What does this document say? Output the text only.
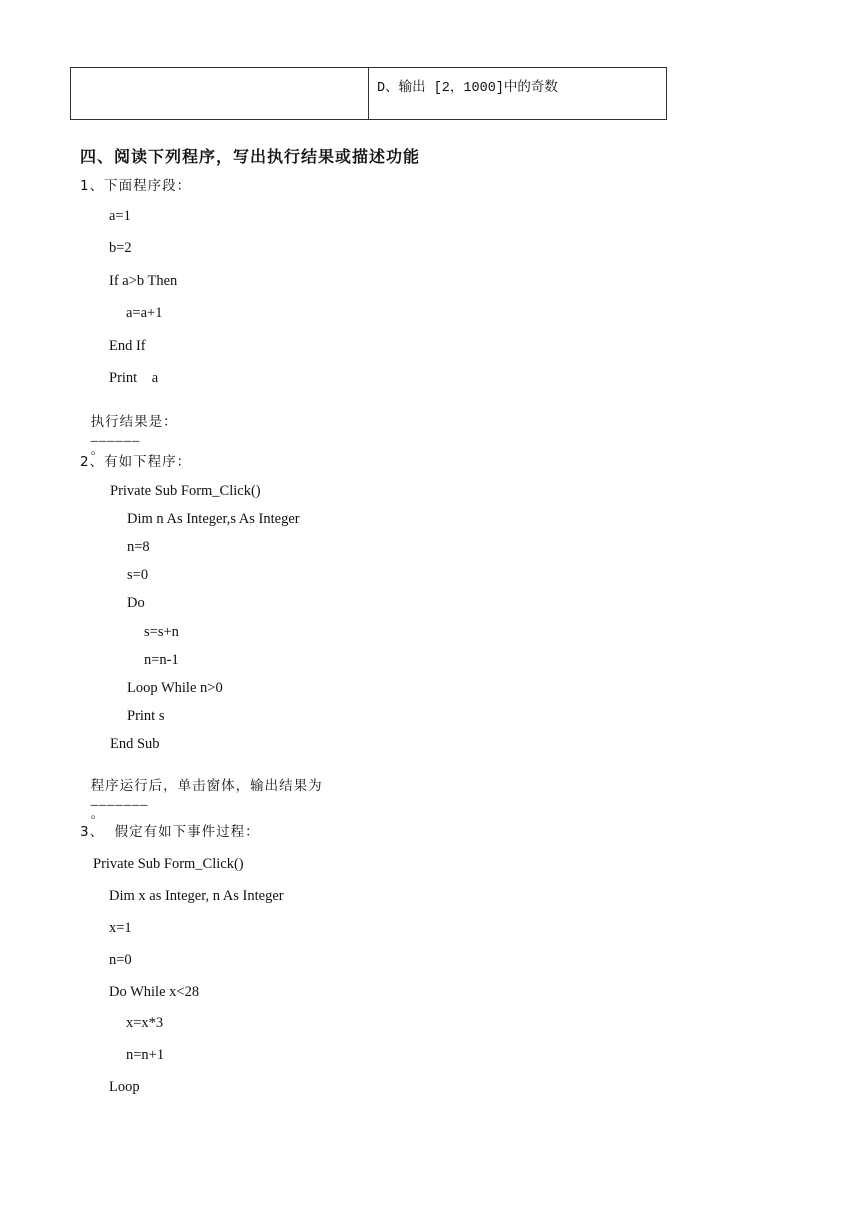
D、输出 [2，1000]中的奇数
四、阅读下列程序，写出执行结果或描述功能
1、下面程序段：
a=1
b=2
If a>b Then
a=a+1
End If
Print    a

执行结果是：
______
。

2、有如下程序：
Private Sub Form_Click()
Dim n As Integer,s As Integer
n=8
s=0
Do
s=s+n
n=n-1
Loop While n>0
Print s
End Sub

程序运行后，单击窗体，输出结果为
_______
。

3、  假定有如下事件过程：
Private Sub Form_Click()
Dim x as Integer, n As Integer
x=1
n=0
Do While x<28
x=x*3
n=n+1
Loop
